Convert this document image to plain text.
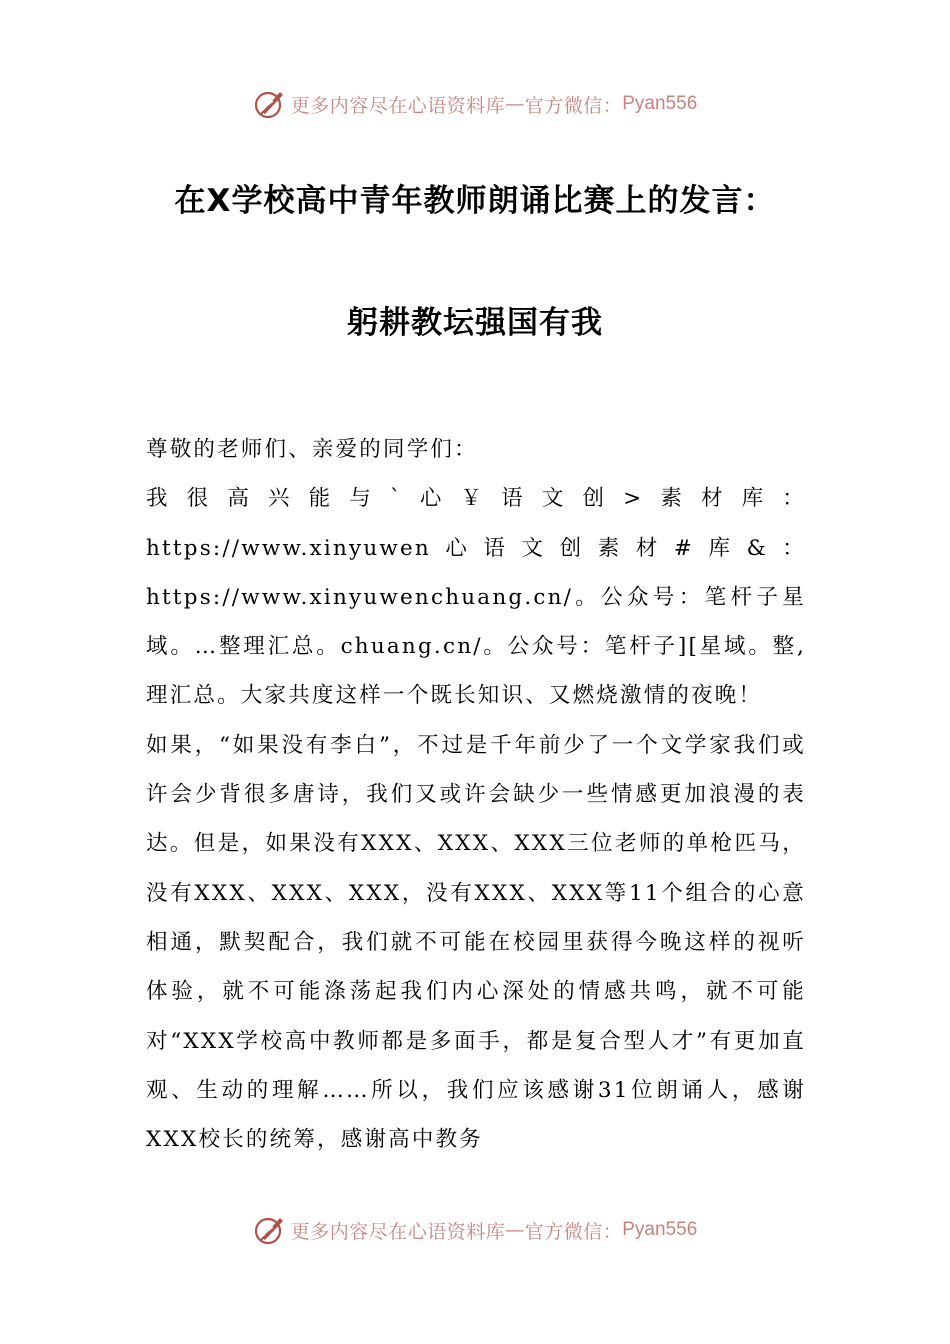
更多内容尽在心语资料库 — 官方微信： Pyan556
在X学校高中青年教师朗诵比赛上的发言：
躬耕教坛强国有我

尊敬的老师们、亲爱的同学们：

我很高兴能与`心￥语文创>素材库：https://www.xinyuwen心语文创素材#库&：https://www.xinyuwenchuang.cn/。公众号：笔杆子星域。…整理汇总。chuang.cn/。公众号：笔杆子][星域。整,理汇总。大家共度这样一个既长知识、又燃烧激情的夜晚！

如果，“如果没有李白”，不过是千年前少了一个文学家我们或许会少背很多唐诗，我们又或许会缺少一些情感更加浪漫的表达。但是，如果没有XXX、XXX、XXX三位老师的单枪匹马，没有XXX、XXX、XXX，没有XXX、XXX等11个组合的心意相通，默契配合，我们就不可能在校园里获得今晚这样的视听体验，就不可能涤荡起我们内心深处的情感共鸣，就不可能对“XXX学校高中教师都是多面手，都是复合型人才”有更加直观、生动的理解……所以，我们应该感谢31位朗诵人，感谢XXX校长的统筹，感谢高中教务

更多内容尽在心语资料库 — 官方微信： Pyan556
